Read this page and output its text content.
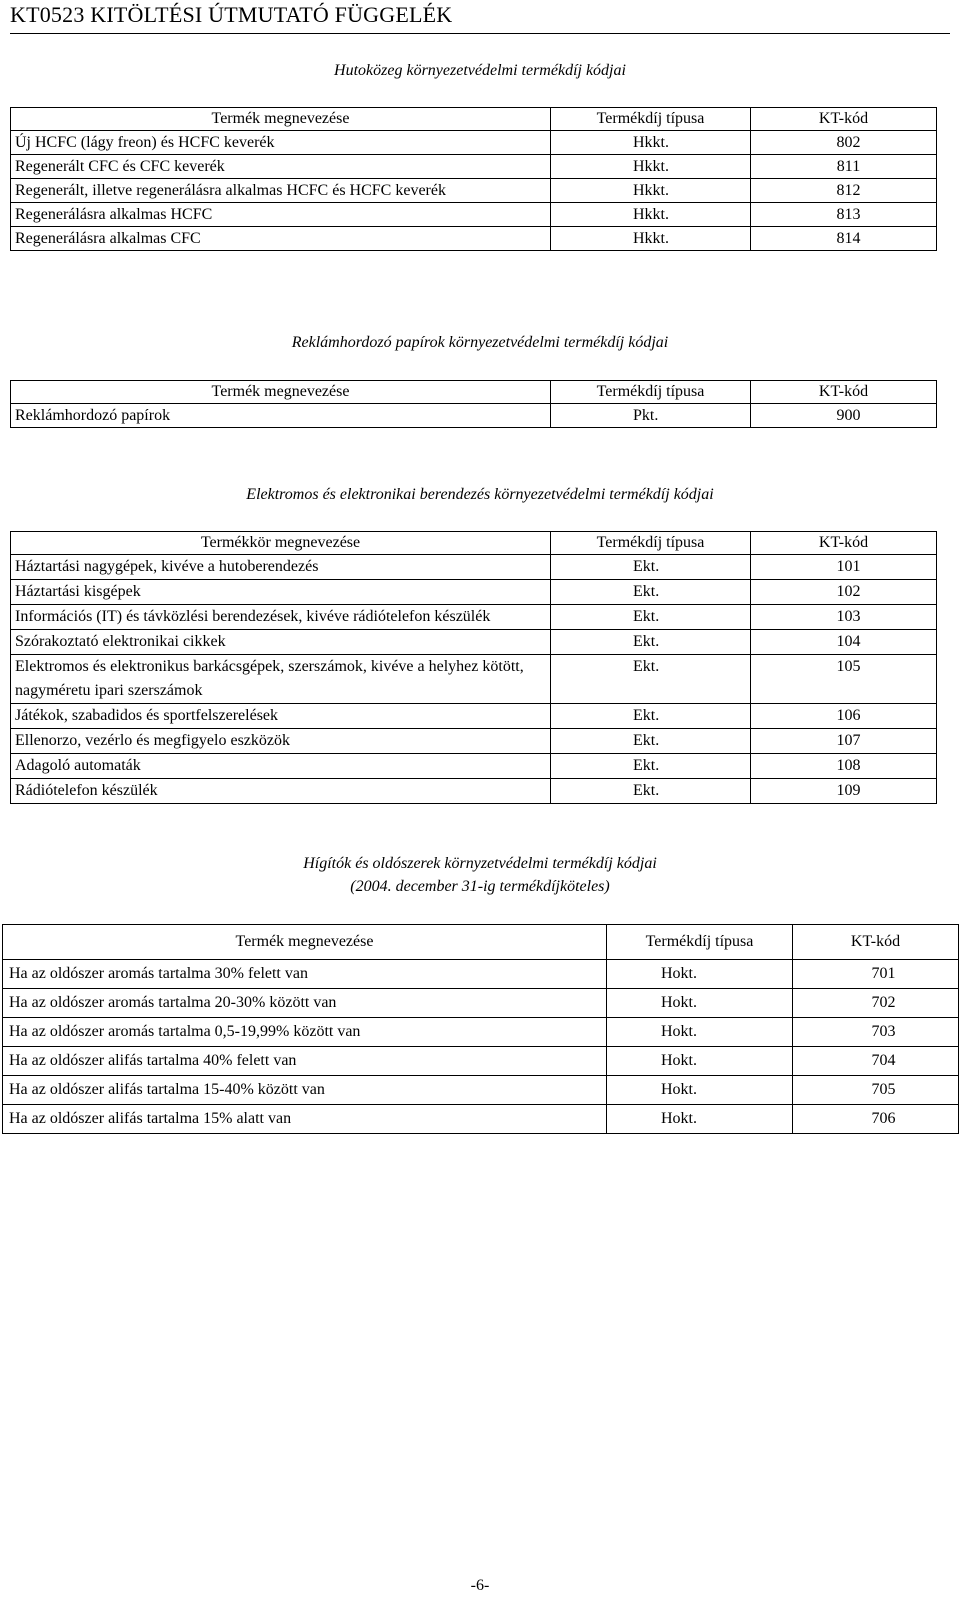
KT0523 KITÖLTÉSI ÚTMUTATÓ FÜGGELÉK
Hutoközeg környezetvédelmi termékdíj kódjai
Termék megnevezése	Termékdíj típusa	KT-kód
Új HCFC (lágy freon) és HCFC keverék	Hkkt.	802
Regenerált CFC és CFC keverék	Hkkt.	811
Regenerált, illetve regenerálásra alkalmas HCFC és HCFC keverék	Hkkt.	812
Regenerálásra alkalmas HCFC	Hkkt.	813
Regenerálásra alkalmas CFC	Hkkt.	814
Reklámhordozó papírok környezetvédelmi termékdíj kódjai
Termék megnevezése	Termékdíj típusa	KT-kód
Reklámhordozó papírok	Pkt.	900
Elektromos és elektronikai berendezés környezetvédelmi termékdíj kódjai
Termékkör megnevezése	Termékdíj típusa	KT-kód
Háztartási nagygépek, kivéve a hutoberendezés	Ekt.	101
Háztartási kisgépek	Ekt.	102
Információs (IT) és távközlési berendezések, kivéve rádiótelefon készülék	Ekt.	103
Szórakoztató elektronikai cikkek	Ekt.	104
Elektromos és elektronikus barkácsgépek, szerszámok, kivéve a helyhez kötött, nagyméretu ipari szerszámok	Ekt.	105
Játékok, szabadidos és sportfelszerelések	Ekt.	106
Ellenorzo, vezérlo és megfigyelo eszközök	Ekt.	107
Adagoló automaták	Ekt.	108
Rádiótelefon készülék	Ekt.	109
Hígítók és oldószerek környzetvédelmi termékdíj kódjai
(2004. december 31-ig termékdíjköteles)
Termék megnevezése	Termékdíj típusa	KT-kód
Ha az oldószer aromás tartalma 30% felett van	Hokt.	701
Ha az oldószer aromás tartalma 20-30% között van	Hokt.	702
Ha az oldószer aromás tartalma 0,5-19,99% között van	Hokt.	703
Ha az oldószer alifás tartalma 40% felett van	Hokt.	704
Ha az oldószer alifás tartalma 15-40% között van	Hokt.	705
Ha az oldószer alifás tartalma 15% alatt van	Hokt.	706
-6-
